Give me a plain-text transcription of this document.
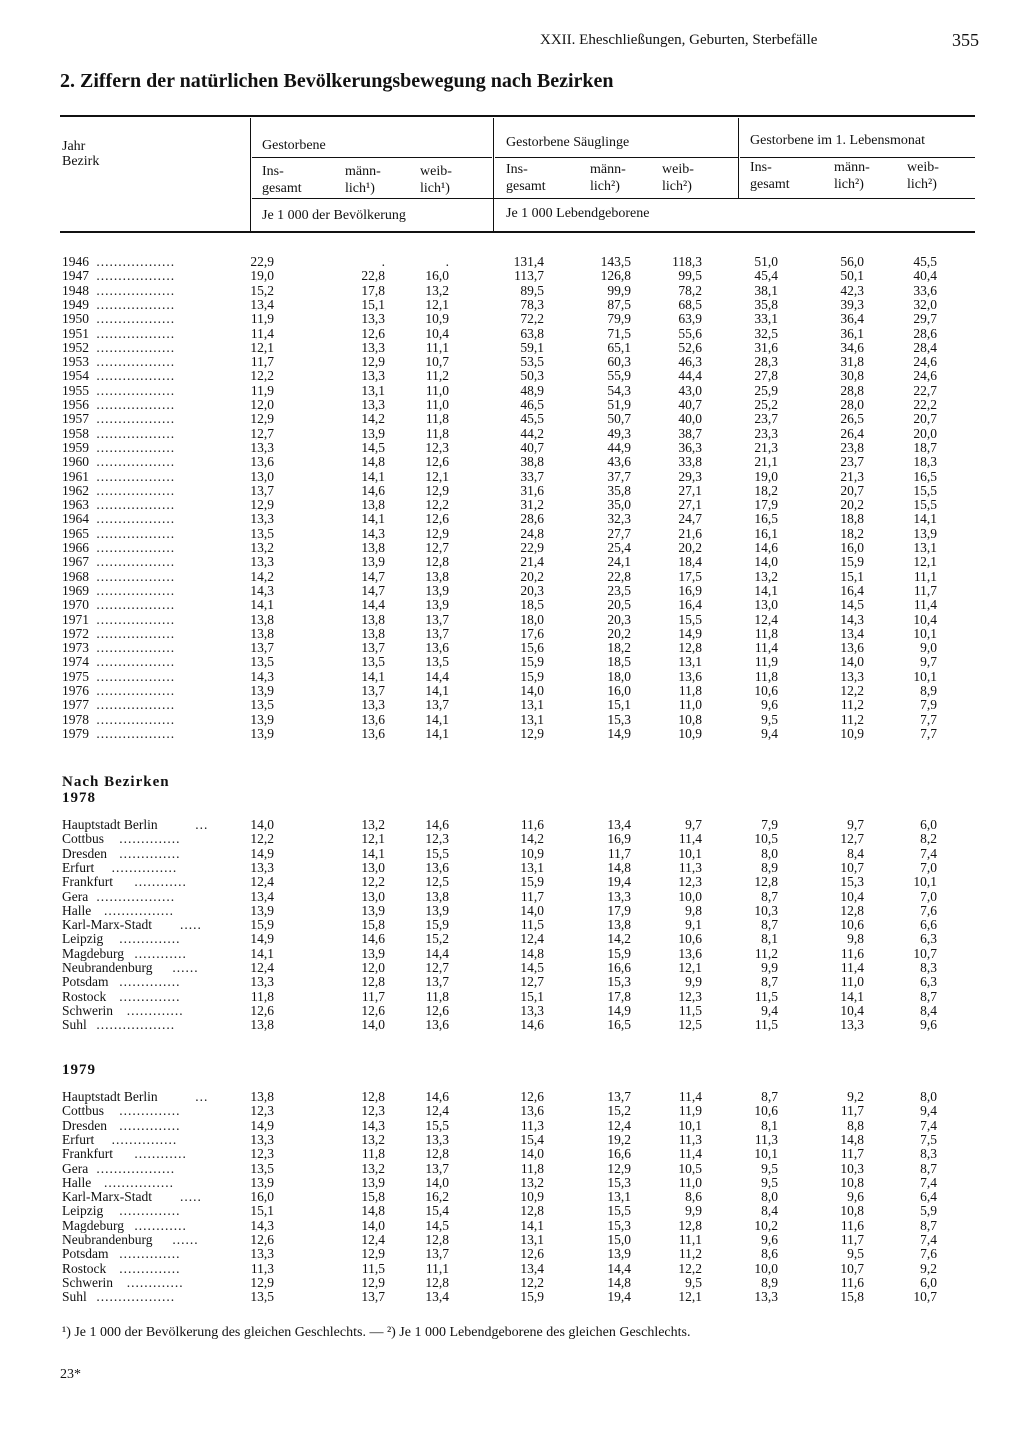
XXII. Eheschließungen, Geburten, Sterbefälle	355
2. Ziffern der natürlichen Bevölkerungsbewegung nach Bezirken
Jahr
Bezirk
Gestorbene	Gestorbene Säuglinge	Gestorbene im 1. Lebensmonat
Ins-
gesamt
männ-
lich¹)
weib-
lich¹)
Ins-
gesamt
männ-
lich²)
weib-
lich²)
Ins-
gesamt
männ-
lich²)
weib-
lich²)
Je 1 000 der Bevölkerung	Je 1 000 Lebendgeborene
1946 ..................	22,9	.	.	131,4	143,5	118,3	51,0	56,0	45,5
1947 ..................	19,0	22,8	16,0	113,7	126,8	99,5	45,4	50,1	40,4
1948 ..................	15,2	17,8	13,2	89,5	99,9	78,2	38,1	42,3	33,6
1949 ..................	13,4	15,1	12,1	78,3	87,5	68,5	35,8	39,3	32,0
1950 ..................	11,9	13,3	10,9	72,2	79,9	63,9	33,1	36,4	29,7
1951 ..................	11,4	12,6	10,4	63,8	71,5	55,6	32,5	36,1	28,6
1952 ..................	12,1	13,3	11,1	59,1	65,1	52,6	31,6	34,6	28,4
1953 ..................	11,7	12,9	10,7	53,5	60,3	46,3	28,3	31,8	24,6
1954 ..................	12,2	13,3	11,2	50,3	55,9	44,4	27,8	30,8	24,6
1955 ..................	11,9	13,1	11,0	48,9	54,3	43,0	25,9	28,8	22,7
1956 ..................	12,0	13,3	11,0	46,5	51,9	40,7	25,2	28,0	22,2
1957 ..................	12,9	14,2	11,8	45,5	50,7	40,0	23,7	26,5	20,7
1958 ..................	12,7	13,9	11,8	44,2	49,3	38,7	23,3	26,4	20,0
1959 ..................	13,3	14,5	12,3	40,7	44,9	36,3	21,3	23,8	18,7
1960 ..................	13,6	14,8	12,6	38,8	43,6	33,8	21,1	23,7	18,3
1961 ..................	13,0	14,1	12,1	33,7	37,7	29,3	19,0	21,3	16,5
1962 ..................	13,7	14,6	12,9	31,6	35,8	27,1	18,2	20,7	15,5
1963 ..................	12,9	13,8	12,2	31,2	35,0	27,1	17,9	20,2	15,5
1964 ..................	13,3	14,1	12,6	28,6	32,3	24,7	16,5	18,8	14,1
1965 ..................	13,5	14,3	12,9	24,8	27,7	21,6	16,1	18,2	13,9
1966 ..................	13,2	13,8	12,7	22,9	25,4	20,2	14,6	16,0	13,1
1967 ..................	13,3	13,9	12,8	21,4	24,1	18,4	14,0	15,9	12,1
1968 ..................	14,2	14,7	13,8	20,2	22,8	17,5	13,2	15,1	11,1
1969 ..................	14,3	14,7	13,9	20,3	23,5	16,9	14,1	16,4	11,7
1970 ..................	14,1	14,4	13,9	18,5	20,5	16,4	13,0	14,5	11,4
1971 ..................	13,8	13,8	13,7	18,0	20,3	15,5	12,4	14,3	10,4
1972 ..................	13,8	13,8	13,7	17,6	20,2	14,9	11,8	13,4	10,1
1973 ..................	13,7	13,7	13,6	15,6	18,2	12,8	11,4	13,6	9,0
1974 ..................	13,5	13,5	13,5	15,9	18,5	13,1	11,9	14,0	9,7
1975 ..................	14,3	14,1	14,4	15,9	18,0	13,6	11,8	13,3	10,1
1976 ..................	13,9	13,7	14,1	14,0	16,0	11,8	10,6	12,2	8,9
1977 ..................	13,5	13,3	13,7	13,1	15,1	11,0	9,6	11,2	7,9
1978 ..................	13,9	13,6	14,1	13,1	15,3	10,8	9,5	11,2	7,7
1979 ..................	13,9	13,6	14,1	12,9	14,9	10,9	9,4	10,9	7,7
Nach Bezirken
1978
Hauptstadt Berlin	...	14,0	13,2	14,6	11,6	13,4	9,7	7,9	9,7	6,0
Cottbus ..............	12,2	12,1	12,3	14,2	16,9	11,4	10,5	12,7	8,2
Dresden ..............	14,9	14,1	15,5	10,9	11,7	10,1	8,0	8,4	7,4
Erfurt ...............	13,3	13,0	13,6	13,1	14,8	11,3	8,9	10,7	7,0
Frankfurt ............	12,4	12,2	12,5	15,9	19,4	12,3	12,8	15,3	10,1
Gera ..................	13,4	13,0	13,8	11,7	13,3	10,0	8,7	10,4	7,0
Halle ................	13,9	13,9	13,9	14,0	17,9	9,8	10,3	12,8	7,6
Karl-Marx-Stadt .....	15,9	15,8	15,9	11,5	13,8	9,1	8,7	10,6	6,6
Leipzig ..............	14,9	14,6	15,2	12,4	14,2	10,6	8,1	9,8	6,3
Magdeburg ............	14,1	13,9	14,4	14,8	15,9	13,6	11,2	11,6	10,7
Neubrandenburg ......	12,4	12,0	12,7	14,5	16,6	12,1	9,9	11,4	8,3
Potsdam ..............	13,3	12,8	13,7	12,7	15,3	9,9	8,7	11,0	6,3
Rostock ..............	11,8	11,7	11,8	15,1	17,8	12,3	11,5	14,1	8,7
Schwerin .............	12,6	12,6	12,6	13,3	14,9	11,5	9,4	10,4	8,4
Suhl ..................	13,8	14,0	13,6	14,6	16,5	12,5	11,5	13,3	9,6
1979
Hauptstadt Berlin	...	13,8	12,8	14,6	12,6	13,7	11,4	8,7	9,2	8,0
Cottbus ..............	12,3	12,3	12,4	13,6	15,2	11,9	10,6	11,7	9,4
Dresden ..............	14,9	14,3	15,5	11,3	12,4	10,1	8,1	8,8	7,4
Erfurt ...............	13,3	13,2	13,3	15,4	19,2	11,3	11,3	14,8	7,5
Frankfurt ............	12,3	11,8	12,8	14,0	16,6	11,4	10,1	11,7	8,3
Gera ..................	13,5	13,2	13,7	11,8	12,9	10,5	9,5	10,3	8,7
Halle ................	13,9	13,9	14,0	13,2	15,3	11,0	9,5	10,8	7,4
Karl-Marx-Stadt .....	16,0	15,8	16,2	10,9	13,1	8,6	8,0	9,6	6,4
Leipzig ..............	15,1	14,8	15,4	12,8	15,5	9,9	8,4	10,8	5,9
Magdeburg ............	14,3	14,0	14,5	14,1	15,3	12,8	10,2	11,6	8,7
Neubrandenburg ......	12,6	12,4	12,8	13,1	15,0	11,1	9,6	11,7	7,4
Potsdam ..............	13,3	12,9	13,7	12,6	13,9	11,2	8,6	9,5	7,6
Rostock ..............	11,3	11,5	11,1	13,4	14,4	12,2	10,0	10,7	9,2
Schwerin .............	12,9	12,9	12,8	12,2	14,8	9,5	8,9	11,6	6,0
Suhl ..................	13,5	13,7	13,4	15,9	19,4	12,1	13,3	15,8	10,7
¹) Je 1 000 der Bevölkerung des gleichen Geschlechts. — ²) Je 1 000 Lebendgeborene des gleichen Geschlechts.
23*
